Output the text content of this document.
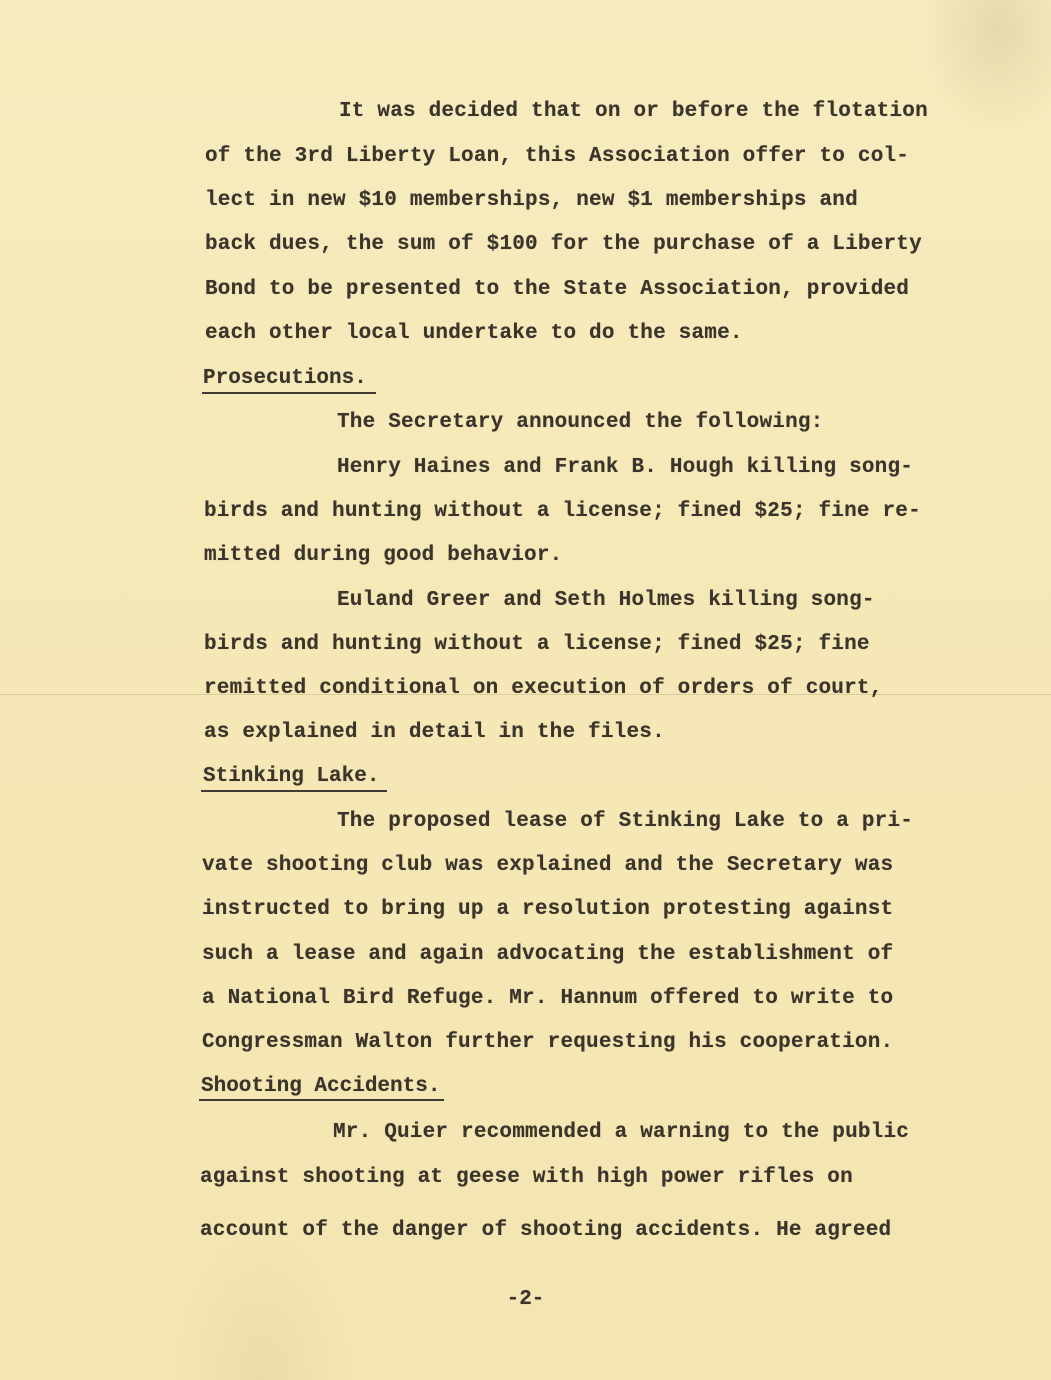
It was decided that on or before the flotation
of the 3rd Liberty Loan, this Association offer to col-
lect in new $10 memberships, new $1 memberships and
back dues, the sum of $100 for the purchase of a Liberty
Bond to be presented to the State Association, provided
each other local undertake to do the same.
Prosecutions.
The Secretary announced the following:
Henry Haines and Frank B. Hough killing song-
birds and hunting without a license; fined $25; fine re-
mitted during good behavior.
Euland Greer and Seth Holmes killing song-
birds and hunting without a license; fined $25; fine
remitted conditional on execution of orders of court,
as explained in detail in the files.
Stinking Lake.
The proposed lease of Stinking Lake to a pri-
vate shooting club was explained and the Secretary was
instructed to bring up a resolution protesting against
such a lease and again advocating the establishment of
a National Bird Refuge. Mr. Hannum offered to write to
Congressman Walton further requesting his cooperation.
Shooting Accidents.
Mr. Quier recommended a warning to the public
against shooting at geese with high power rifles on
account of the danger of shooting accidents. He agreed
-2-
